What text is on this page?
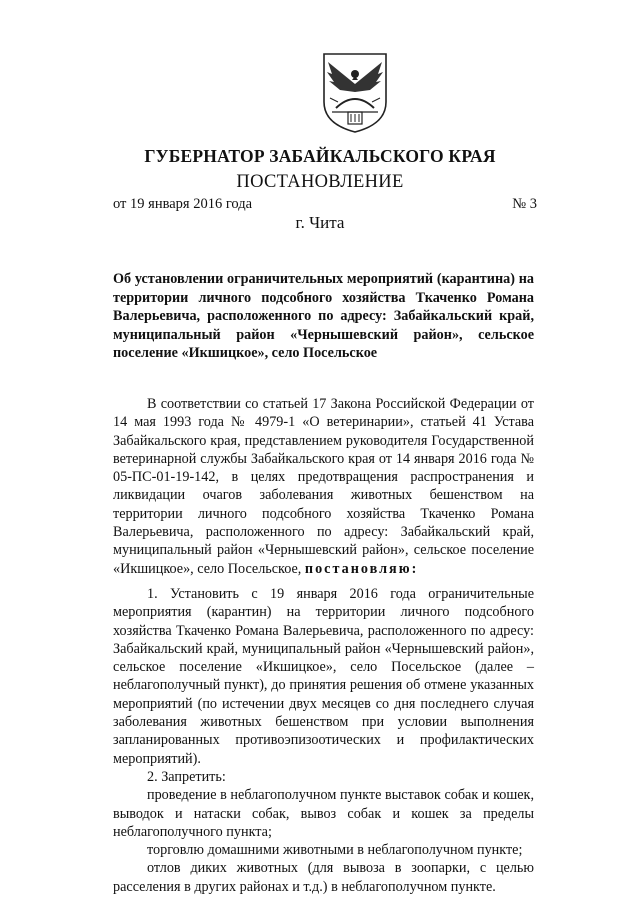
ГУБЕРНАТОР ЗАБАЙКАЛЬСКОГО КРАЯ
ПОСТАНОВЛЕНИЕ
от 19 января 2016 года	№ 3
г. Чита
Об установлении ограничительных мероприятий (карантина) на территории личного подсобного хозяйства Ткаченко Романа Валерьевича, расположенного по адресу: Забайкальский край, муниципальный район «Чернышевский район», сельское поселение «Икшицкое», село Посельское

В соответствии со статьей 17 Закона Российской Федерации от 14 мая 1993 года № 4979-1 «О ветеринарии», статьей 41 Устава Забайкальского края, представлением руководителя Государственной ветеринарной службы Забайкальского края от 14 января 2016 года № 05-ПС-01-19-142, в целях предотвращения распространения и ликвидации очагов заболевания животных бешенством на территории личного подсобного хозяйства Ткаченко Романа Валерьевича, расположенного по адресу: Забайкальский край, муниципальный район «Чернышевский район», сельское поселение «Икшицкое», село Посельское, постановляю:

1. Установить с 19 января 2016 года ограничительные мероприятия (карантин) на территории личного подсобного хозяйства Ткаченко Романа Валерьевича, расположенного по адресу: Забайкальский край, муниципальный район «Чернышевский район», сельское поселение «Икшицкое», село Посельское (далее – неблагополучный пункт), до принятия решения об отмене указанных мероприятий (по истечении двух месяцев со дня последнего случая заболевания животных бешенством при условии выполнения запланированных противоэпизоотических и профилактических мероприятий).

2. Запретить:

проведение в неблагополучном пункте выставок собак и кошек, выводок и натаски собак, вывоз собак и кошек за пределы неблагополучного пункта;

торговлю домашними животными в неблагополучном пункте;

отлов диких животных (для вывоза в зоопарки, с целью расселения в других районах и т.д.) в неблагополучном пункте.
